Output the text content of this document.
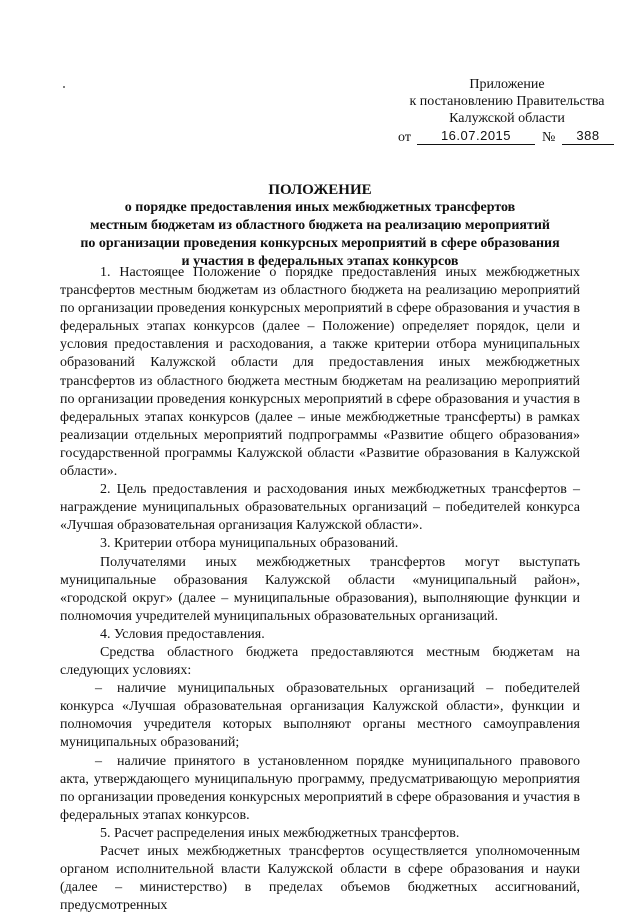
Приложение
к постановлению Правительства
Калужской области
от	16.07.2015	№	388
ПОЛОЖЕНИЕ
о порядке предоставления иных межбюджетных трансфертов
местным бюджетам из областного бюджета на реализацию мероприятий
по организации проведения конкурсных мероприятий в сфере образования
и участия в федеральных этапах конкурсов

1. Настоящее Положение о порядке предоставления иных межбюджетных трансфертов местным бюджетам из областного бюджета на реализацию мероприятий по организации проведения конкурсных мероприятий в сфере образования и участия в федеральных этапах конкурсов (далее – Положение) определяет порядок, цели и условия предоставления и расходования, а также критерии отбора муниципальных образований Калужской области для предоставления иных межбюджетных трансфертов из областного бюджета местным бюджетам на реализацию мероприятий по организации проведения конкурсных мероприятий в сфере образования и участия в федеральных этапах конкурсов (далее – иные межбюджетные трансферты) в рамках реализации отдельных мероприятий подпрограммы «Развитие общего образования» государственной программы Калужской области «Развитие образования в Калужской области».

2. Цель предоставления и расходования иных межбюджетных трансфертов – награждение муниципальных образовательных организаций – победителей конкурса «Лучшая образовательная организация Калужской области».

3. Критерии отбора муниципальных образований.

Получателями иных межбюджетных трансфертов могут выступать муниципальные образования Калужской области «муниципальный район», «городской округ» (далее – муниципальные образования), выполняющие функции и полномочия учредителей муниципальных образовательных организаций.

4. Условия предоставления.

Средства областного бюджета предоставляются местным бюджетам на следующих условиях:

– наличие муниципальных образовательных организаций – победителей конкурса «Лучшая образовательная организация Калужской области», функции и полномочия учредителя которых выполняют органы местного самоуправления муниципальных образований;

– наличие принятого в установленном порядке муниципального правового акта, утверждающего муниципальную программу, предусматривающую мероприятия по организации проведения конкурсных мероприятий в сфере образования и участия в федеральных этапах конкурсов.

5. Расчет распределения иных межбюджетных трансфертов.

Расчет иных межбюджетных трансфертов осуществляется уполномоченным органом исполнительной власти Калужской области в сфере образования и науки (далее – министерство) в пределах объемов бюджетных ассигнований, предусмотренных
